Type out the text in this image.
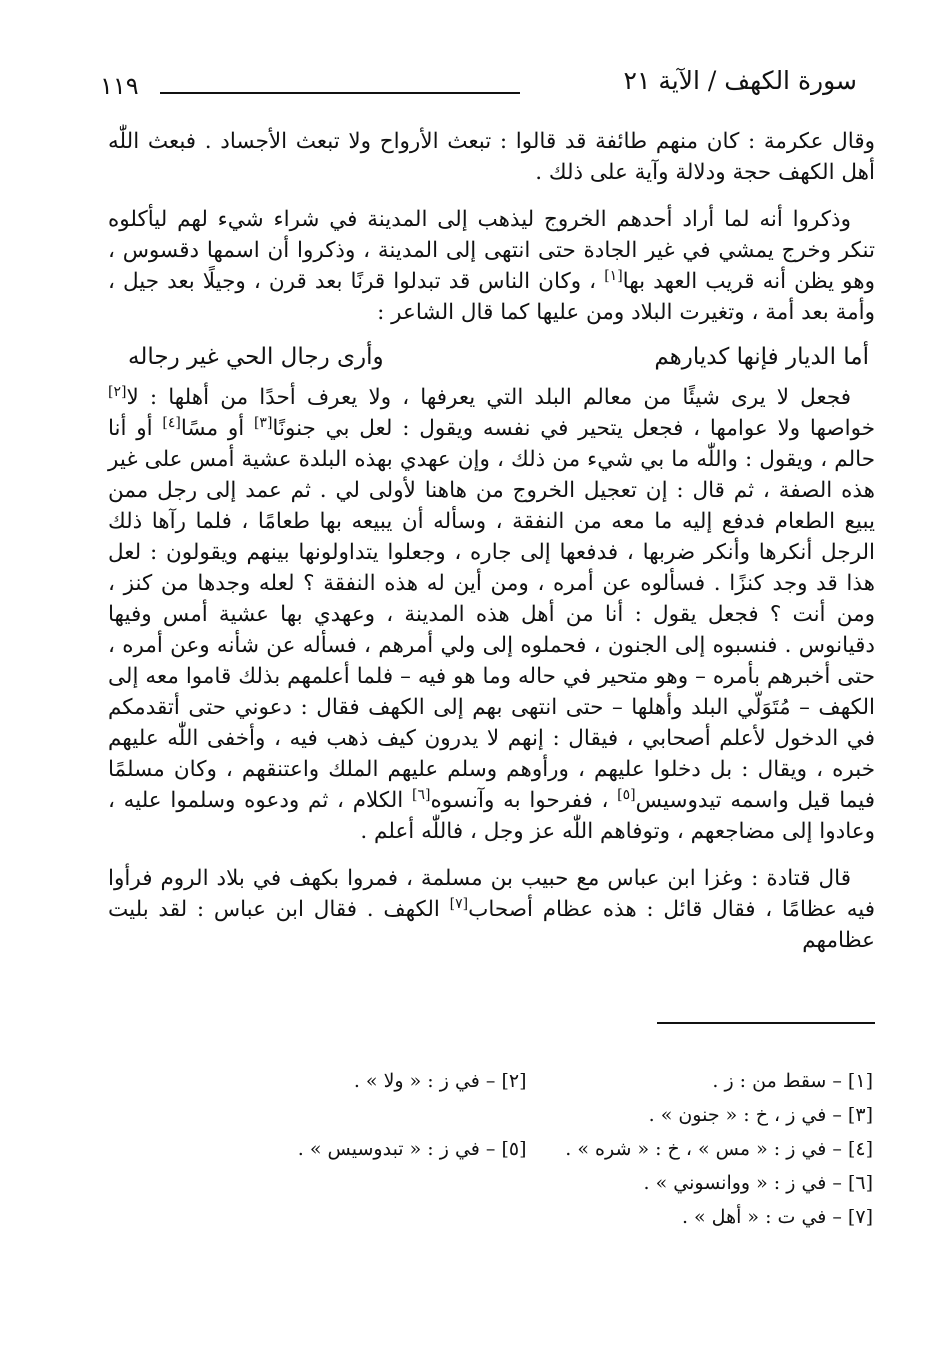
سورة الكهف / الآية ٢١
١١٩

وقال عكرمة : كان منهم طائفة قد قالوا : تبعث الأرواح ولا تبعث الأجساد . فبعث اللّٰه أهل الكهف حجة ودلالة وآية على ذلك .

وذكروا أنه لما أراد أحدهم الخروج ليذهب إلى المدينة في شراء شيء لهم ليأكلوه تنكر وخرج يمشي في غير الجادة حتى انتهى إلى المدينة ، وذكروا أن اسمها دقسوس ، وهو يظن أنه قريب العهد بها[١] ، وكان الناس قد تبدلوا قرنًا بعد قرن ، وجيلًا بعد جيل ، وأمة بعد أمة ، وتغيرت البلاد ومن عليها كما قال الشاعر :

أما الديار فإنها كديارهم
وأرى رجال الحي غير رجاله

فجعل لا يرى شيئًا من معالم البلد التي يعرفها ، ولا يعرف أحدًا من أهلها : لا[٢] خواصها ولا عوامها ، فجعل يتحير في نفسه ويقول : لعل بي جنونًا[٣] أو مسًا[٤] أو أنا حالم ، ويقول : واللّٰه ما بي شيء من ذلك ، وإن عهدي بهذه البلدة عشية أمس على غير هذه الصفة ، ثم قال : إن تعجيل الخروج من هاهنا لأولى لي . ثم عمد إلى رجل ممن يبيع الطعام فدفع إليه ما معه من النفقة ، وسأله أن يبيعه بها طعامًا ، فلما رآها ذلك الرجل أنكرها وأنكر ضربها ، فدفعها إلى جاره ، وجعلوا يتداولونها بينهم ويقولون : لعل هذا قد وجد كنزًا . فسألوه عن أمره ، ومن أين له هذه النفقة ؟ لعله وجدها من كنز ، ومن أنت ؟ فجعل يقول : أنا من أهل هذه المدينة ، وعهدي بها عشية أمس وفيها دقيانوس . فنسبوه إلى الجنون ، فحملوه إلى ولي أمرهم ، فسأله عن شأنه وعن أمره ، حتى أخبرهم بأمره – وهو متحير في حاله وما هو فيه – فلما أعلمهم بذلك قاموا معه إلى الكهف – مُتَوَلّي البلد وأهلها – حتى انتهى بهم إلى الكهف فقال : دعوني حتى أتقدمكم في الدخول لأعلم أصحابي ، فيقال : إنهم لا يدرون كيف ذهب فيه ، وأخفى اللّٰه عليهم خبره ، ويقال : بل دخلوا عليهم ، ورأوهم وسلم عليهم الملك واعتنقهم ، وكان مسلمًا فيما قيل واسمه تيدوسيس[٥] ، ففرحوا به وآنسوه[٦] الكلام ، ثم ودعوه وسلموا عليه ، وعادوا إلى مضاجعهم ، وتوفاهم اللّٰه عز وجل ، فاللّٰه أعلم .

قال قتادة : وغزا ابن عباس مع حبيب بن مسلمة ، فمروا بكهف في بلاد الروم فرأوا فيه عظامًا ، فقال قائل : هذه عظام أصحاب[٧] الكهف . فقال ابن عباس : لقد بليت عظامهم

[١] – سقط من : ز .
[٢] – في ز : « ولا » .
[٣] – في ز ، خ : « جنون » .
[٤] – في ز : « مس » ، خ : « شره » .
[٥] – في ز : « تبدوسيس » .
[٦] – في ز : « ووانسوني » .
[٧] – في ت : « أهل » .
